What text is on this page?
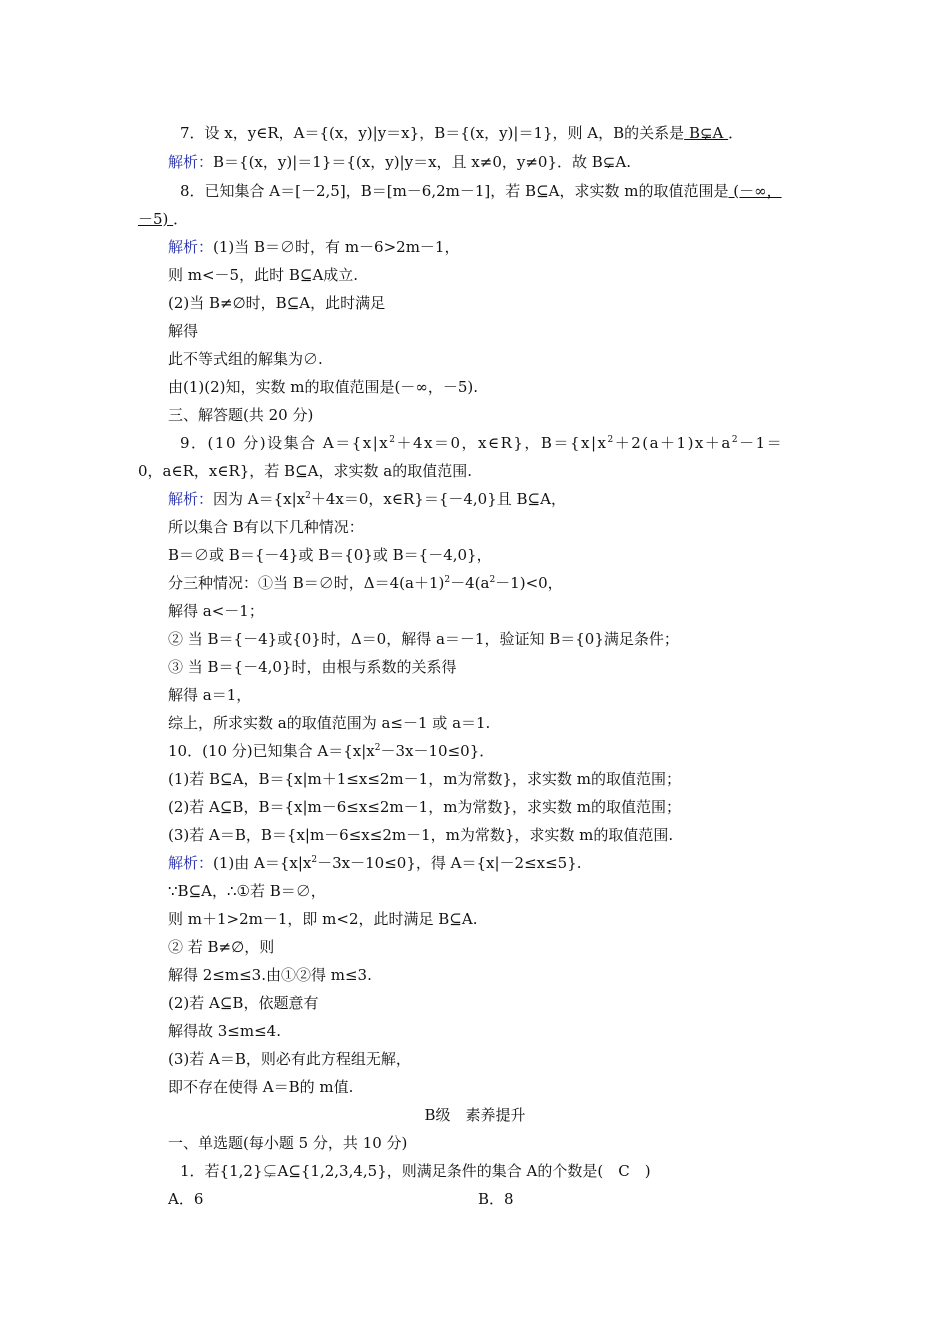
7．设 x，y∈R，A＝{(x，y)|y＝x}，B＝{(x，y)|＝1}，则 A，B的关系是 B⊊A ．
解析：B＝{(x，y)|＝1}＝{(x，y)|y＝x，且 x≠0，y≠0}．故 B⊊A.
8．已知集合 A＝[－2,5]，B＝[m－6,2m－1]，若 B⊆A，求实数 m的取值范围是 (－∞，
－5) ．
解析：(1)当 B＝∅时，有 m－6>2m－1，
则 m<－5，此时 B⊆A成立.
(2)当 B≠∅时，B⊆A，此时满足
解得
此不等式组的解集为∅.
由(1)(2)知，实数 m的取值范围是(－∞，－5).
三、解答题(共 20 分)
9．(10 分)设集合 $A=\{x|x^2+4x=0$，x∈R}，$B=\{x|x^2+2(a+1)x+a^2-1=$
0，a∈R，x∈R}，若 B⊆A，求实数 a的取值范围.
解析：因为 $A=\{x|x^2+4x=0$，x∈R}＝{－4,0}且 B⊆A，
所以集合 B有以下几种情况：
B＝∅或 B＝{－4}或 B＝{0}或 B＝{－4,0}，
分三种情况：①当 B＝∅时，$\Delta=4(a+1)^2-4(a^2-1)<0$，
解得 a<－1；
② 当 B＝{－4}或{0}时，Δ＝0，解得 a＝－1，验证知 B＝{0}满足条件；
③ 当 B＝{－4,0}时，由根与系数的关系得
解得 a＝1，
综上，所求实数 a的取值范围为 a≤－1 或 a＝1.
10．(10 分)已知集合 $A=\{x|x^2-3x-10\le 0\}$．
(1)若 B⊆A，B＝{x|m＋1≤x≤2m－1，m为常数}，求实数 m的取值范围；
(2)若 A⊆B，B＝{x|m－6≤x≤2m－1，m为常数}，求实数 m的取值范围；
(3)若 A＝B，B＝{x|m－6≤x≤2m－1，m为常数}，求实数 m的取值范围.
解析：(1)由 $A=\{x|x^2-3x-10\le 0\}$，得 A＝{x|－2≤x≤5}.
∵B⊆A，∴①若 B＝∅，
则 m＋1>2m－1，即 m<2，此时满足 B⊆A.
② 若 B≠∅，则
解得 2≤m≤3.由①②得 m≤3.
(2)若 A⊆B，依题意有
解得故 3≤m≤4.
(3)若 A＝B，则必有此方程组无解，
即不存在使得 A＝B的 m值.
B级　素养提升
一、单选题(每小题 5 分，共 10 分)
1．若{1,2}⊊A⊆{1,2,3,4,5}，则满足条件的集合 A的个数是(　C　)
A．6	B．8
